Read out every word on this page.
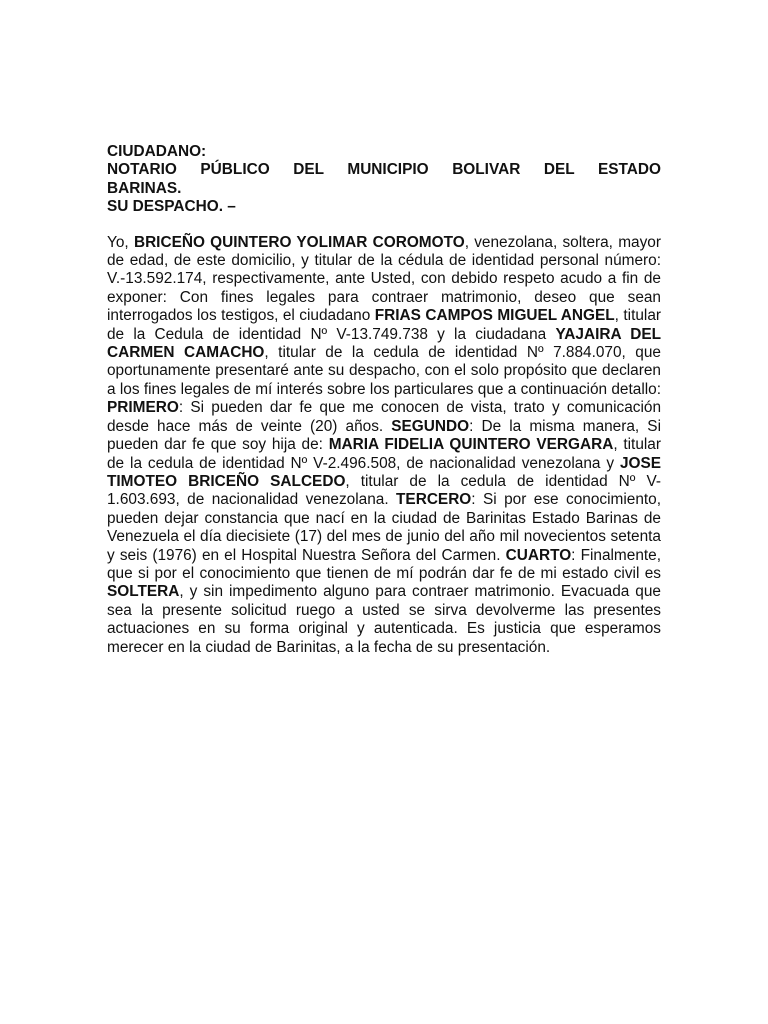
CIUDADANO:
NOTARIO PÚBLICO DEL MUNICIPIO BOLIVAR DEL ESTADO
BARINAS.
SU DESPACHO. –

Yo, BRICEÑO QUINTERO YOLIMAR COROMOTO, venezolana, soltera, mayor de edad, de este domicilio, y titular de la cédula de identidad personal número: V.-13.592.174, respectivamente, ante Usted, con debido respeto acudo a fin de exponer: Con fines legales para contraer matrimonio, deseo que sean interrogados los testigos, el ciudadano FRIAS CAMPOS MIGUEL ANGEL, titular de la Cedula de identidad Nº V-13.749.738 y la ciudadana YAJAIRA DEL CARMEN CAMACHO, titular de la cedula de identidad Nº 7.884.070, que oportunamente presentaré ante su despacho, con el solo propósito que declaren a los fines legales de mí interés sobre los particulares que a continuación detallo: PRIMERO: Si pueden dar fe que me conocen de vista, trato y comunicación desde hace más de veinte (20) años. SEGUNDO: De la misma manera, Si pueden dar fe que soy hija de: MARIA FIDELIA QUINTERO VERGARA, titular de la cedula de identidad Nº V-2.496.508, de nacionalidad venezolana y JOSE TIMOTEO BRICEÑO SALCEDO, titular de la cedula de identidad Nº V-1.603.693, de nacionalidad venezolana. TERCERO: Si por ese conocimiento, pueden dejar constancia que nací en la ciudad de Barinitas Estado Barinas de Venezuela el día diecisiete (17) del mes de junio del año mil novecientos setenta y seis (1976) en el Hospital Nuestra Señora del Carmen. CUARTO: Finalmente, que si por el conocimiento que tienen de mí podrán dar fe de mi estado civil es SOLTERA, y sin impedimento alguno para contraer matrimonio. Evacuada que sea la presente solicitud ruego a usted se sirva devolverme las presentes actuaciones en su forma original y autenticada. Es justicia que esperamos merecer en la ciudad de Barinitas, a la fecha de su presentación.
